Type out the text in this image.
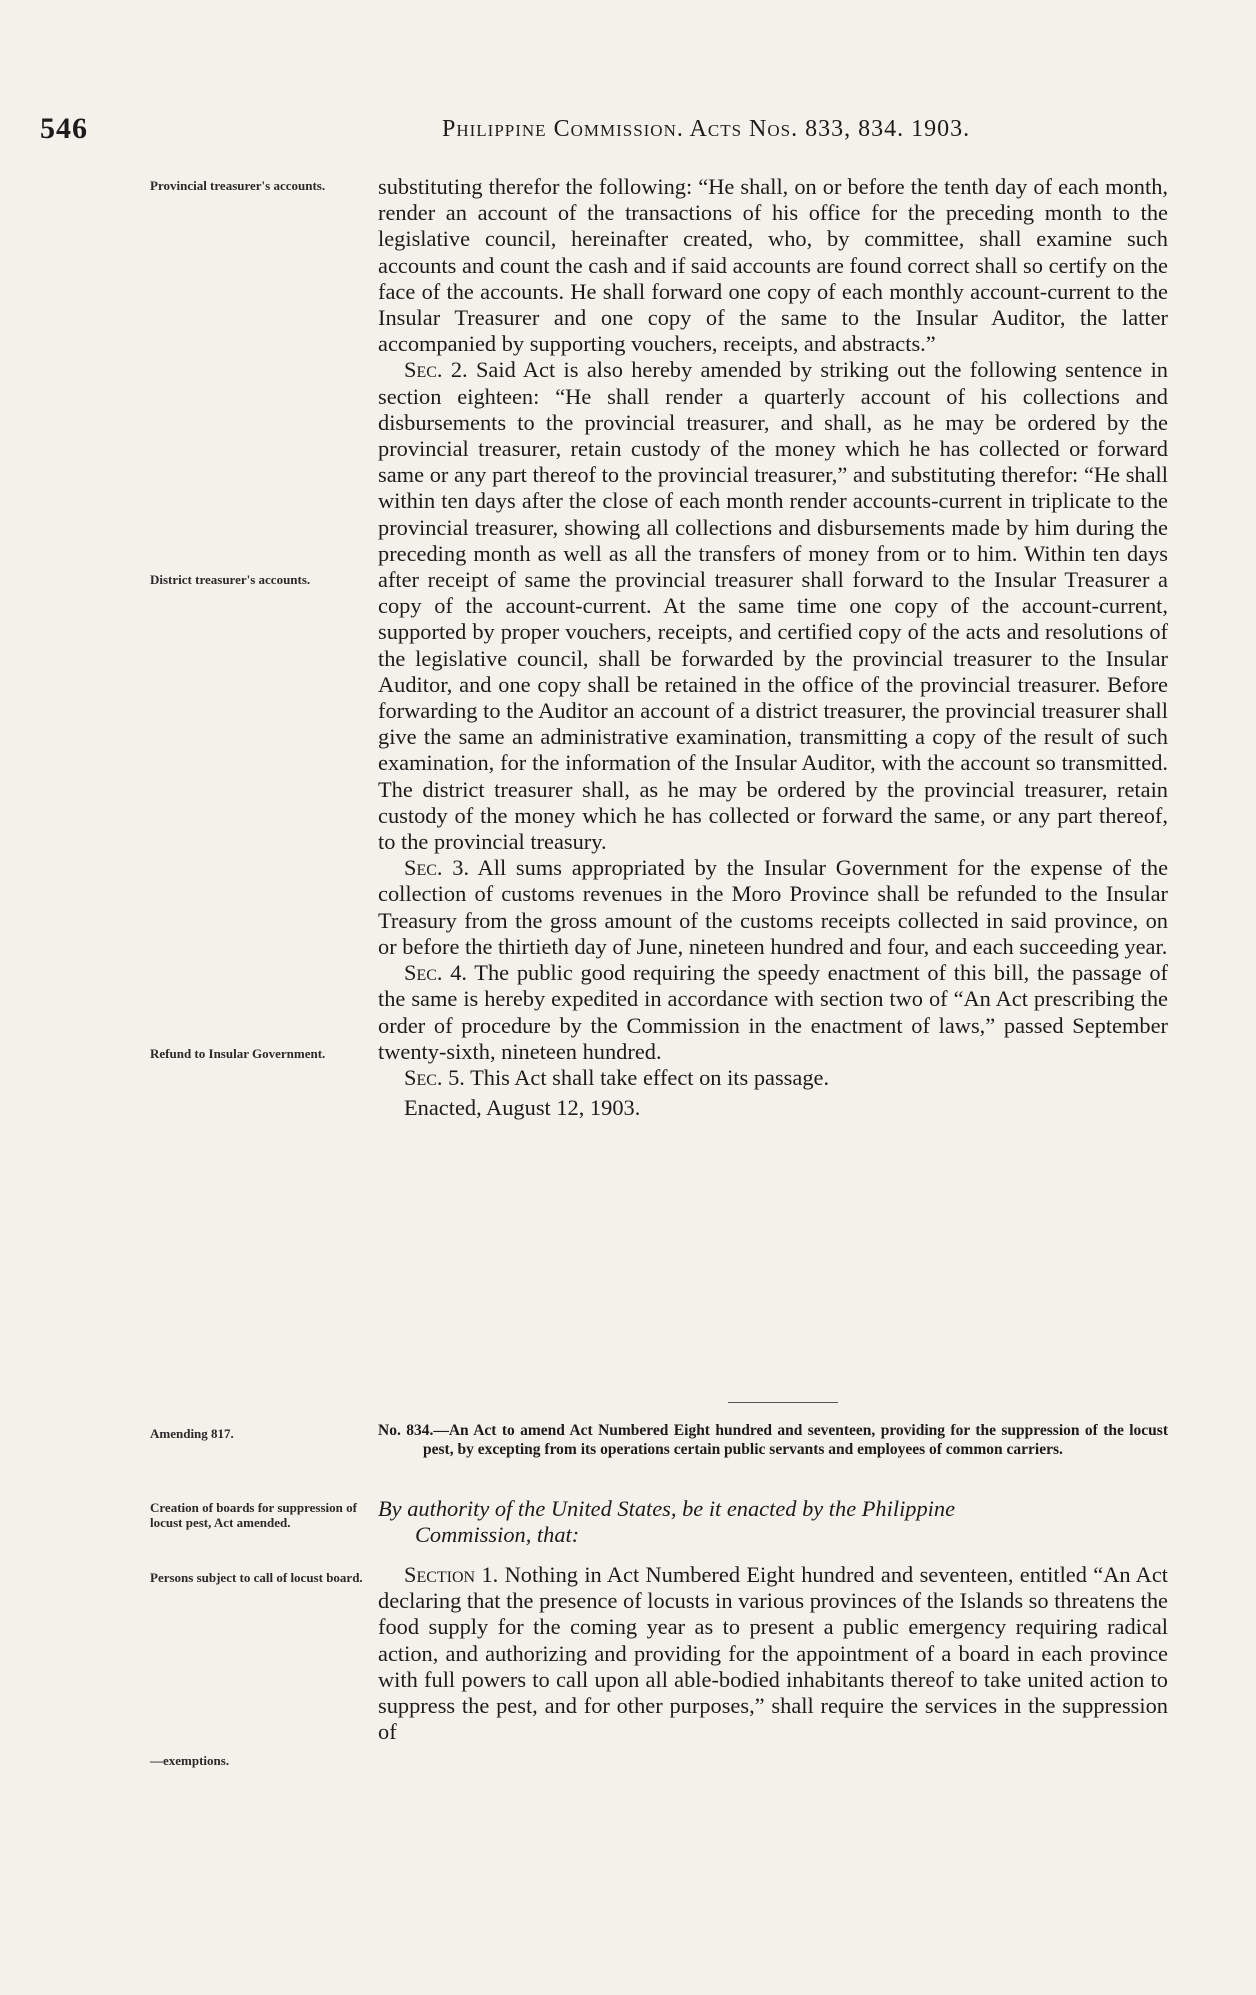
546	Philippine Commission. Acts Nos. 833, 834. 1903.
Provincial treasurer's accounts.
District treasurer's accounts.
Refund to Insular Government.
Amending 817.
Creation of boards for suppression of locust pest, Act amended.
Persons subject to call of locust board.
—exemptions.

substituting therefor the following: “He shall, on or before the tenth day of each month, render an account of the transactions of his office for the preceding month to the legislative council, hereinafter created, who, by committee, shall examine such accounts and count the cash and if said accounts are found correct shall so certify on the face of the accounts. He shall forward one copy of each monthly account-current to the Insular Treasurer and one copy of the same to the Insular Auditor, the latter accompanied by supporting vouchers, receipts, and abstracts.”

Sec. 2. Said Act is also hereby amended by striking out the following sentence in section eighteen: “He shall render a quarterly account of his collections and disbursements to the provincial treasurer, and shall, as he may be ordered by the provincial treasurer, retain custody of the money which he has collected or forward same or any part thereof to the provincial treasurer,” and substituting therefor: “He shall within ten days after the close of each month render accounts-current in triplicate to the provincial treasurer, showing all collections and disbursements made by him during the preceding month as well as all the transfers of money from or to him. Within ten days after receipt of same the provincial treasurer shall forward to the Insular Treasurer a copy of the account-current. At the same time one copy of the account-current, supported by proper vouchers, receipts, and certified copy of the acts and resolutions of the legislative council, shall be forwarded by the provincial treasurer to the Insular Auditor, and one copy shall be retained in the office of the provincial treasurer. Before forwarding to the Auditor an account of a district treasurer, the provincial treasurer shall give the same an administrative examination, transmitting a copy of the result of such examination, for the information of the Insular Auditor, with the account so transmitted. The district treasurer shall, as he may be ordered by the provincial treasurer, retain custody of the money which he has collected or forward the same, or any part thereof, to the provincial treasury.

Sec. 3. All sums appropriated by the Insular Government for the expense of the collection of customs revenues in the Moro Province shall be refunded to the Insular Treasury from the gross amount of the customs receipts collected in said province, on or before the thirtieth day of June, nineteen hundred and four, and each succeeding year.

Sec. 4. The public good requiring the speedy enactment of this bill, the passage of the same is hereby expedited in accordance with section two of “An Act prescribing the order of procedure by the Commission in the enactment of laws,” passed September twenty-sixth, nineteen hundred.

Sec. 5. This Act shall take effect on its passage.

Enacted, August 12, 1903.

No. 834.—An Act to amend Act Numbered Eight hundred and seventeen, providing for the suppression of the locust pest, by excepting from its operations certain public servants and employees of common carriers.
By authority of the United States, be it enacted by the Philippine
Commission, that:

Section 1. Nothing in Act Numbered Eight hundred and seventeen, entitled “An Act declaring that the presence of locusts in various provinces of the Islands so threatens the food supply for the coming year as to present a public emergency requiring radical action, and authorizing and providing for the appointment of a board in each province with full powers to call upon all able-bodied inhabitants thereof to take united action to suppress the pest, and for other purposes,” shall require the services in the suppression of
